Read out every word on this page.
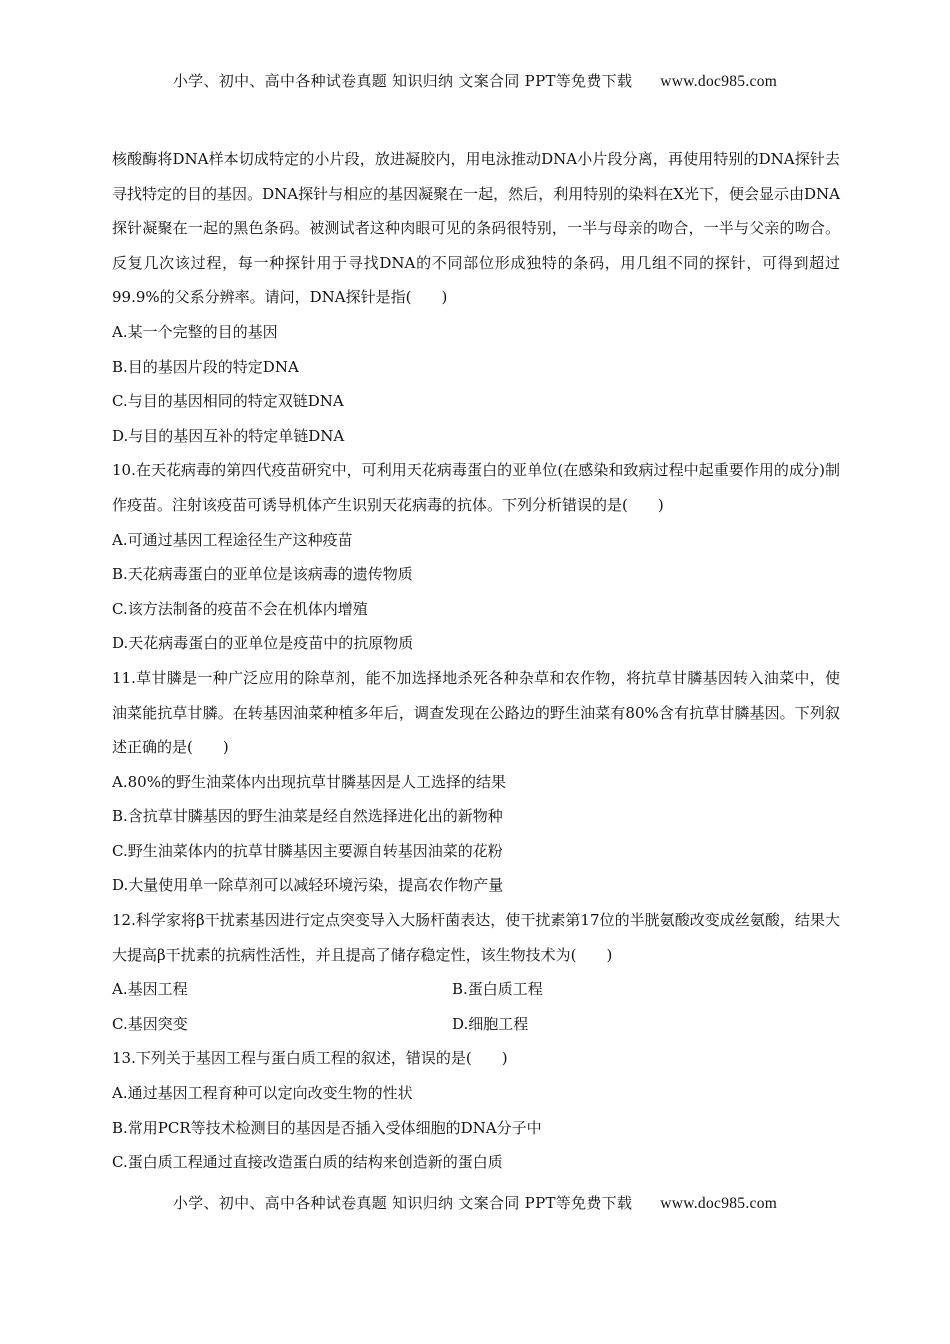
小学、初中、高中各种试卷真题 知识归纳 文案合同 PPT等免费下载 www.doc985.com

核酸酶将DNA样本切成特定的小片段，放进凝胶内，用电泳推动DNA小片段分离，再使用特别的DNA探针去寻找特定的目的基因。DNA探针与相应的基因凝聚在一起，然后，利用特别的染料在X光下，便会显示由DNA探针凝聚在一起的黑色条码。被测试者这种肉眼可见的条码很特别，一半与母亲的吻合，一半与父亲的吻合。反复几次该过程，每一种探针用于寻找DNA的不同部位形成独特的条码，用几组不同的探针，可得到超过99.9%的父系分辨率。请问，DNA探针是指(　　)

A.某一个完整的目的基因
B.目的基因片段的特定DNA
C.与目的基因相同的特定双链DNA
D.与目的基因互补的特定单链DNA

10.在天花病毒的第四代疫苗研究中，可利用天花病毒蛋白的亚单位(在感染和致病过程中起重要作用的成分)制作疫苗。注射该疫苗可诱导机体产生识别天花病毒的抗体。下列分析错误的是(　　)

A.可通过基因工程途径生产这种疫苗
B.天花病毒蛋白的亚单位是该病毒的遗传物质
C.该方法制备的疫苗不会在机体内增殖
D.天花病毒蛋白的亚单位是疫苗中的抗原物质

11.草甘膦是一种广泛应用的除草剂，能不加选择地杀死各种杂草和农作物，将抗草甘膦基因转入油菜中，使油菜能抗草甘膦。在转基因油菜种植多年后，调查发现在公路边的野生油菜有80%含有抗草甘膦基因。下列叙述正确的是(　　)

A.80%的野生油菜体内出现抗草甘膦基因是人工选择的结果
B.含抗草甘膦基因的野生油菜是经自然选择进化出的新物种
C.野生油菜体内的抗草甘膦基因主要源自转基因油菜的花粉
D.大量使用单一除草剂可以减轻环境污染，提高农作物产量

12.科学家将β干扰素基因进行定点突变导入大肠杆菌表达，使干扰素第17位的半胱氨酸改变成丝氨酸，结果大大提高β干扰素的抗病性活性，并且提高了储存稳定性，该生物技术为(　　)

A.基因工程	B.蛋白质工程
C.基因突变	D.细胞工程

13.下列关于基因工程与蛋白质工程的叙述，错误的是(　　)

A.通过基因工程育种可以定向改变生物的性状
B.常用PCR等技术检测目的基因是否插入受体细胞的DNA分子中
C.蛋白质工程通过直接改造蛋白质的结构来创造新的蛋白质
小学、初中、高中各种试卷真题 知识归纳 文案合同 PPT等免费下载 www.doc985.com
